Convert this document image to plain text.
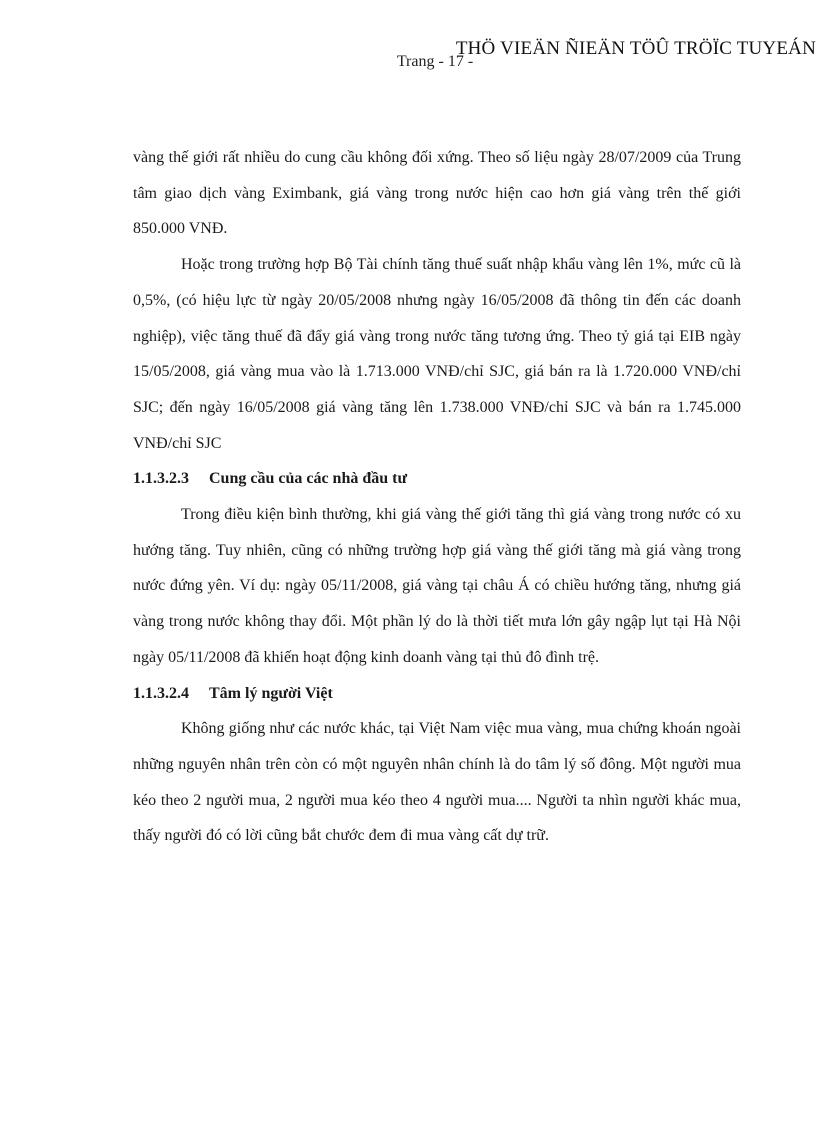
THÖ VIEÄN ÑIEÄN TÖÛ TRÖÏC TUYEÁN
Trang - 17 -

vàng thế giới rất nhiều do cung cầu không đối xứng. Theo số liệu ngày 28/07/2009 của Trung tâm giao dịch vàng Eximbank, giá vàng trong nước hiện cao hơn giá vàng trên thế giới 850.000 VNĐ.

Hoặc trong trường hợp Bộ Tài chính tăng thuế suất nhập khẩu vàng lên 1%, mức cũ là 0,5%, (có hiệu lực từ ngày 20/05/2008 nhưng ngày 16/05/2008 đã thông tin đến các doanh nghiệp), việc tăng thuế đã đẩy giá vàng trong nước tăng tương ứng. Theo tỷ giá tại EIB ngày 15/05/2008, giá vàng mua vào là 1.713.000 VNĐ/chỉ SJC, giá bán ra là 1.720.000 VNĐ/chỉ SJC; đến ngày 16/05/2008 giá vàng tăng lên 1.738.000 VNĐ/chỉ SJC và bán ra 1.745.000 VNĐ/chỉ SJC

1.1.3.2.3 Cung cầu của các nhà đầu tư

Trong điều kiện bình thường, khi giá vàng thế giới tăng thì giá vàng trong nước có xu hướng tăng. Tuy nhiên, cũng có những trường hợp giá vàng thế giới tăng mà giá vàng trong nước đứng yên. Ví dụ: ngày 05/11/2008, giá vàng tại châu Á có chiều hướng tăng, nhưng giá vàng trong nước không thay đổi. Một phần lý do là thời tiết mưa lớn gây ngập lụt tại Hà Nội ngày 05/11/2008 đã khiến hoạt động kinh doanh vàng tại thủ đô đình trệ.

1.1.3.2.4 Tâm lý người Việt

Không giống như các nước khác, tại Việt Nam việc mua vàng, mua chứng khoán ngoài những nguyên nhân trên còn có một nguyên nhân chính là do tâm lý số đông. Một người mua kéo theo 2 người mua, 2 người mua kéo theo 4 người mua.... Người ta nhìn người khác mua, thấy người đó có lời cũng bắt chước đem đi mua vàng cất dự trữ.
